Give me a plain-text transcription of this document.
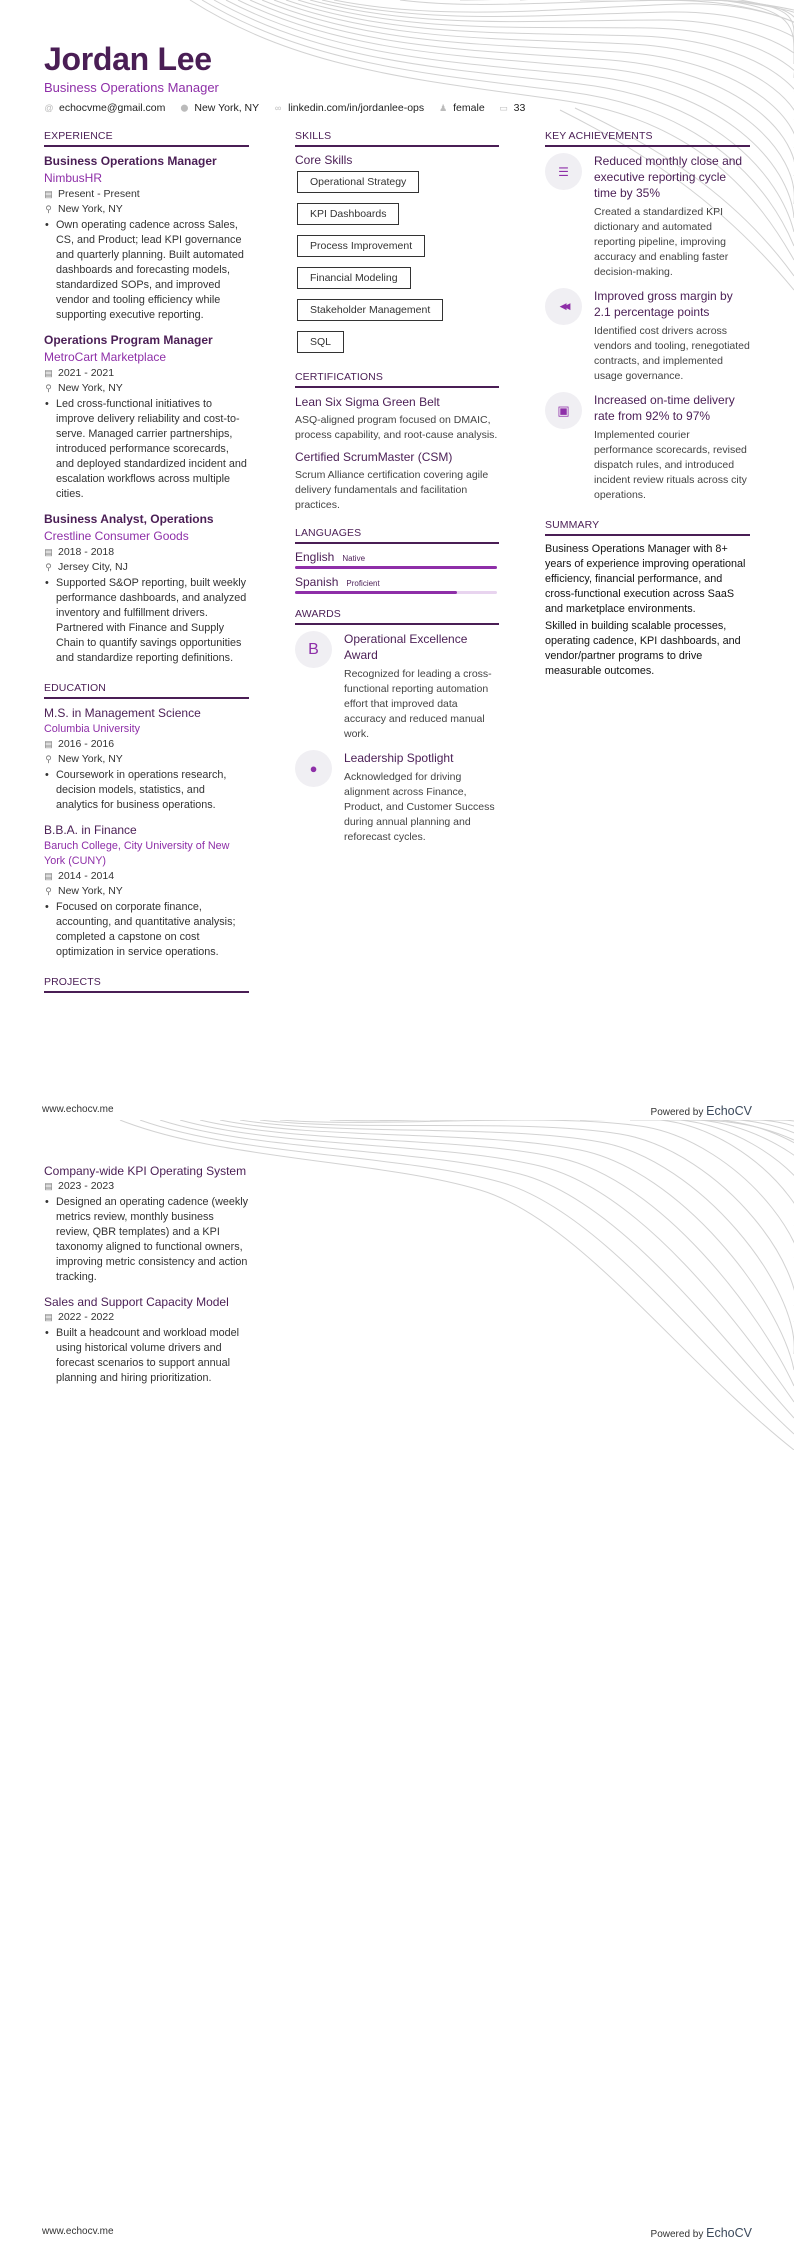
Jordan Lee
Business Operations Manager
@ echocvme@gmail.com ⬤ New York, NY ∞ linkedin.com/in/jordanlee-ops ♟ female ▭ 33
EXPERIENCE
Business Operations Manager
NimbusHR
▤ Present - Present
⚲ New York, NY
• Own operating cadence across Sales, CS, and Product; lead KPI governance and quarterly planning. Built automated dashboards and forecasting models, standardized SOPs, and improved vendor and tooling efficiency while supporting executive reporting.
Operations Program Manager
MetroCart Marketplace
▤ 2021 - 2021
⚲ New York, NY
• Led cross-functional initiatives to improve delivery reliability and cost-to-serve. Managed carrier partnerships, introduced performance scorecards, and deployed standardized incident and escalation workflows across multiple cities.
Business Analyst, Operations
Crestline Consumer Goods
▤ 2018 - 2018
⚲ Jersey City, NJ
• Supported S&OP reporting, built weekly performance dashboards, and analyzed inventory and fulfillment drivers. Partnered with Finance and Supply Chain to quantify savings opportunities and standardize reporting definitions.
EDUCATION
M.S. in Management Science
Columbia University
▤ 2016 - 2016
⚲ New York, NY
• Coursework in operations research, decision models, statistics, and analytics for business operations.
B.B.A. in Finance
Baruch College, City University of New York (CUNY)
▤ 2014 - 2014
⚲ New York, NY
• Focused on corporate finance, accounting, and quantitative analysis; completed a capstone on cost optimization in service operations.
PROJECTS
SKILLS
Core Skills
Operational Strategy
KPI Dashboards
Process Improvement
Financial Modeling
Stakeholder Management
SQL
CERTIFICATIONS
Lean Six Sigma Green Belt
ASQ-aligned program focused on DMAIC, process capability, and root-cause analysis.
Certified ScrumMaster (CSM)
Scrum Alliance certification covering agile delivery fundamentals and facilitation practices.
LANGUAGES
English Native
Spanish Proficient
AWARDS
B
Operational Excellence Award
Recognized for leading a cross-functional reporting automation effort that improved data accuracy and reduced manual work.
●
Leadership Spotlight
Acknowledged for driving alignment across Finance, Product, and Customer Success during annual planning and reforecast cycles.
KEY ACHIEVEMENTS
☰
Reduced monthly close and executive reporting cycle time by 35%
Created a standardized KPI dictionary and automated reporting pipeline, improving accuracy and enabling faster decision-making.
◀◀
Improved gross margin by 2.1 percentage points
Identified cost drivers across vendors and tooling, renegotiated contracts, and implemented usage governance.
▣
Increased on-time delivery rate from 92% to 97%
Implemented courier performance scorecards, revised dispatch rules, and introduced incident review rituals across city operations.
SUMMARY

Business Operations Manager with 8+ years of experience improving operational efficiency, financial performance, and cross-functional execution across SaaS and marketplace environments.

Skilled in building scalable processes, operating cadence, KPI dashboards, and vendor/partner programs to drive measurable outcomes.

www.echocv.me	Powered by EchoCV
Company-wide KPI Operating System
▤ 2023 - 2023
• Designed an operating cadence (weekly metrics review, monthly business review, QBR templates) and a KPI taxonomy aligned to functional owners, improving metric consistency and action tracking.
Sales and Support Capacity Model
▤ 2022 - 2022
• Built a headcount and workload model using historical volume drivers and forecast scenarios to support annual planning and hiring prioritization.
www.echocv.me	Powered by EchoCV
